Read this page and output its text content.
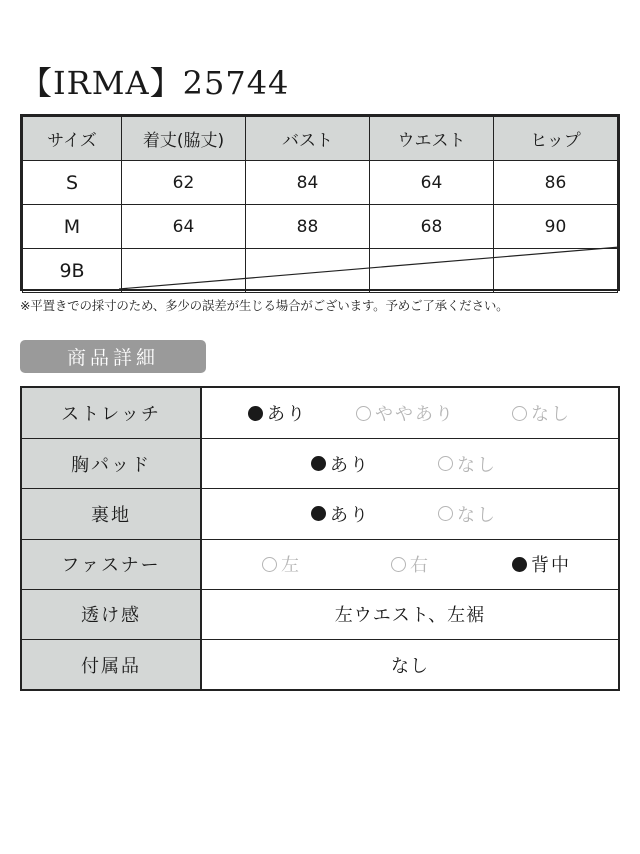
【IRMA】25744
サイズ	着丈(脇丈)	バスト	ウエスト	ヒップ
S	62	84	64	86
M	64	88	68	90
9B				
※平置きでの採寸のため、多少の誤差が生じる場合がございます。予めご了承ください。
商品詳細
ストレッチ	あり	ややあり	なし
胸パッド	あり	なし
裏地	あり	なし
ファスナー	左	右	背中
透け感	左ウエスト、左裾
付属品	なし
